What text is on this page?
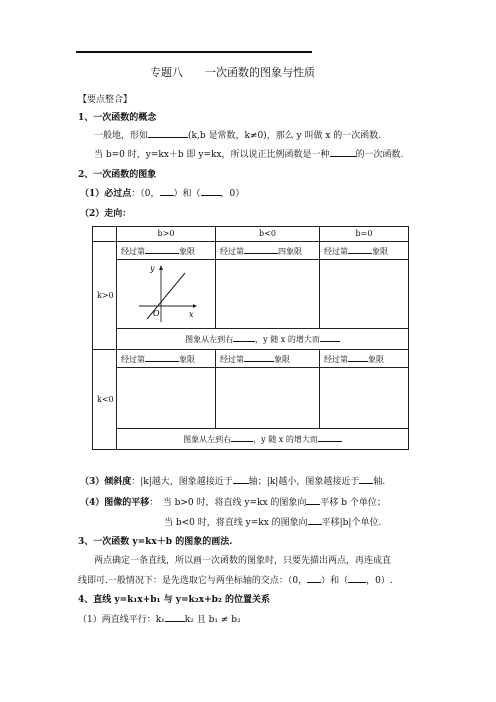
专题八　　一次函数的图象与性质
【要点整合】
1、一次函数的概念
一般地，形如	(k,b 是常数，k≠0)，那么 y 叫做 x 的一次函数.
当 b=0 时，y=kx＋b 即 y=kx，所以说正比例函数是一种	的一次函数.
2、一次函数的图象
（1）必过点：（0， ）和（ ，0）
（2）走向：
	b>0	b<0	b=0
k>0	经过第 象限	经过第 四象限	经过第 象限

y
x
O		

	图象从左到右 ，y 随 x 的增大而		
k<0	经过第 象限	经过第 象限	经过第 象限

	图象从左到右 ，y 随 x 的增大而		
（3）倾斜度：|k|越大，图象越接近于 轴；|k|越小，图象越接近于 轴.
（4）图像的平移：　当 b>0 时，将直线 y=kx 的图象向 平移 b 个单位；
当 b<0 时，将直线 y=kx 的图象向 平移|b|个单位.
3、一次函数 y=kx＋b 的图象的画法.
两点确定一条直线，所以画一次函数的图象时，只要先描出两点，再连成直
线即可.一般情况下：是先选取它与两坐标轴的交点：（0， ）和（ ，0）.
4、直线 y=k₁x+b₁ 与 y=k₂x+b₂ 的位置关系
（1）两直线平行：k₁ k₂ 且 b₁ ≠ b₂
